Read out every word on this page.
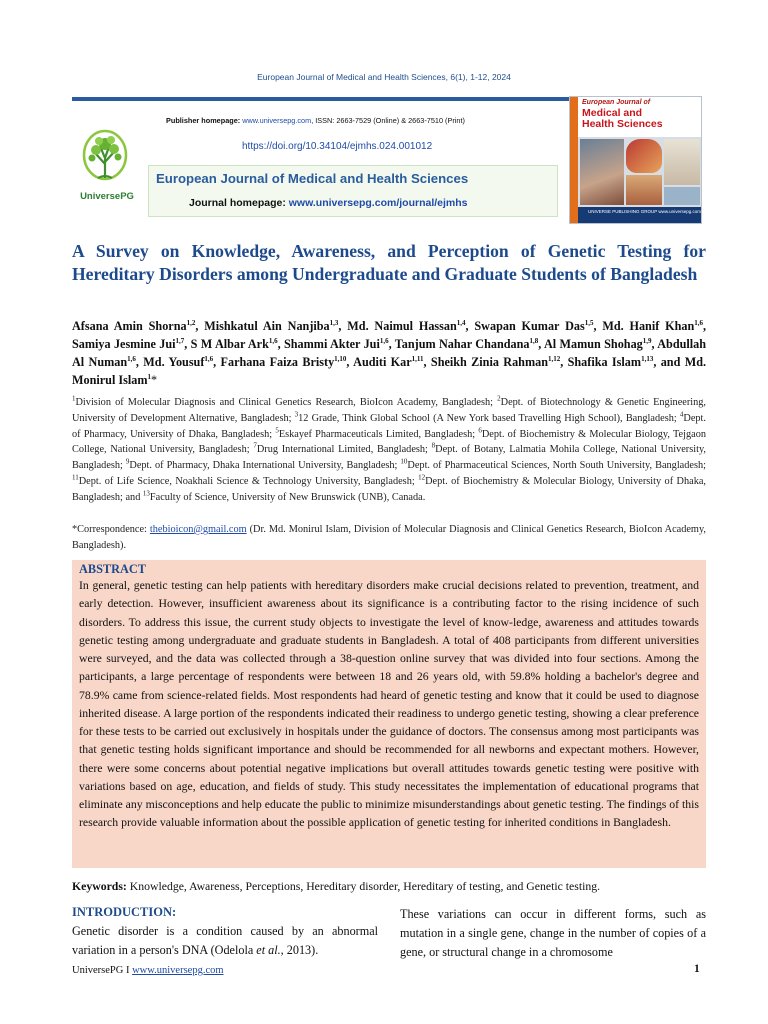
European Journal of Medical and Health Sciences, 6(1), 1-12, 2024
UniversePG
Publisher homepage: www.universepg.com, ISSN: 2663-7529 (Online) & 2663-7510 (Print)
https://doi.org/10.34104/ejmhs.024.001012
European Journal of Medical and Health Sciences
Journal homepage: www.universepg.com/journal/ejmhs
European Journal of
Medical and
Health Sciences
UNIVERSE PUBLISHING GROUP www.universepg.com
A Survey on Knowledge, Awareness, and Perception of Genetic Testing for Hereditary Disorders among Undergraduate and Graduate Students of Bangladesh
Afsana Amin Shorna$^{1,2}$, Mishkatul Ain Nanjiba$^{1,3}$, Md. Naimul Hassan$^{1,4}$, Swapan Kumar Das$^{1,5}$, Md. Hanif Khan$^{1,6}$, Samiya Jesmine Jui$^{1,7}$, S M Albar Ark$^{1,6}$, Shammi Akter Jui$^{1,6}$, Tanjum Nahar Chandana$^{1,8}$, Al Mamun Shohag$^{1,9}$, Abdullah Al Numan$^{1,6}$, Md. Yousuf$^{1,6}$, Farhana Faiza Bristy$^{1,10}$, Auditi Kar$^{1,11}$, Sheikh Zinia Rahman$^{1,12}$, Shafika Islam$^{1,13}$, and Md. Monirul Islam$^1$*
$^1$Division of Molecular Diagnosis and Clinical Genetics Research, BioIcon Academy, Bangladesh; $^2$Dept. of Biotechnology & Genetic Engineering, University of Development Alternative, Bangladesh; $^3$12 Grade, Think Global School (A New York based Travelling High School), Bangladesh; $^4$Dept. of Pharmacy, University of Dhaka, Bangladesh; $^5$Eskayef Pharmaceuticals Limited, Bangladesh; $^6$Dept. of Biochemistry & Molecular Biology, Tejgaon College, National University, Bangladesh; $^7$Drug International Limited, Bangladesh; $^8$Dept. of Botany, Lalmatia Mohila College, National University, Bangladesh; $^9$Dept. of Pharmacy, Dhaka International University, Bangladesh; $^{10}$Dept. of Pharmaceutical Sciences, North South University, Bangladesh; $^{11}$Dept. of Life Science, Noakhali Science & Technology University, Bangladesh; $^{12}$Dept. of Biochemistry & Molecular Biology, University of Dhaka, Bangladesh; and $^{13}$Faculty of Science, University of New Brunswick (UNB), Canada.
*Correspondence: thebioicon@gmail.com (Dr. Md. Monirul Islam, Division of Molecular Diagnosis and Clinical Genetics Research, BioIcon Academy, Bangladesh).
ABSTRACT
In general, genetic testing can help patients with hereditary disorders make crucial decisions related to prevention, treatment, and early detection. However, insufficient awareness about its significance is a contributing factor to the rising incidence of such disorders. To address this issue, the current study objects to investigate the level of know-ledge, awareness and attitudes towards genetic testing among undergraduate and graduate students in Bangladesh. A total of 408 participants from different universities were surveyed, and the data was collected through a 38-question online survey that was divided into four sections. Among the participants, a large percentage of respondents were between 18 and 26 years old, with 59.8% holding a bachelor's degree and 78.9% came from science-related fields. Most respondents had heard of genetic testing and know that it could be used to diagnose inherited disease. A large portion of the respondents indicated their readiness to undergo genetic testing, showing a clear preference for these tests to be carried out exclusively in hospitals under the guidance of doctors. The consensus among most participants was that genetic testing holds significant importance and should be recommended for all newborns and expectant mothers. However, there were some concerns about potential negative implications but overall attitudes towards genetic testing were positive with variations based on age, education, and fields of study. This study necessitates the implementation of educational programs that eliminate any misconceptions and help educate the public to minimize misunderstandings about genetic testing. The findings of this research provide valuable information about the possible application of genetic testing for inherited conditions in Bangladesh.
Keywords: Knowledge, Awareness, Perceptions, Hereditary disorder, Hereditary of testing, and Genetic testing.
INTRODUCTION:
Genetic disorder is a condition caused by an abnormal variation in a person's DNA (Odelola et al., 2013).
These variations can occur in different forms, such as mutation in a single gene, change in the number of copies of a gene, or structural change in a chromosome
UniversePG I www.universepg.com	1
